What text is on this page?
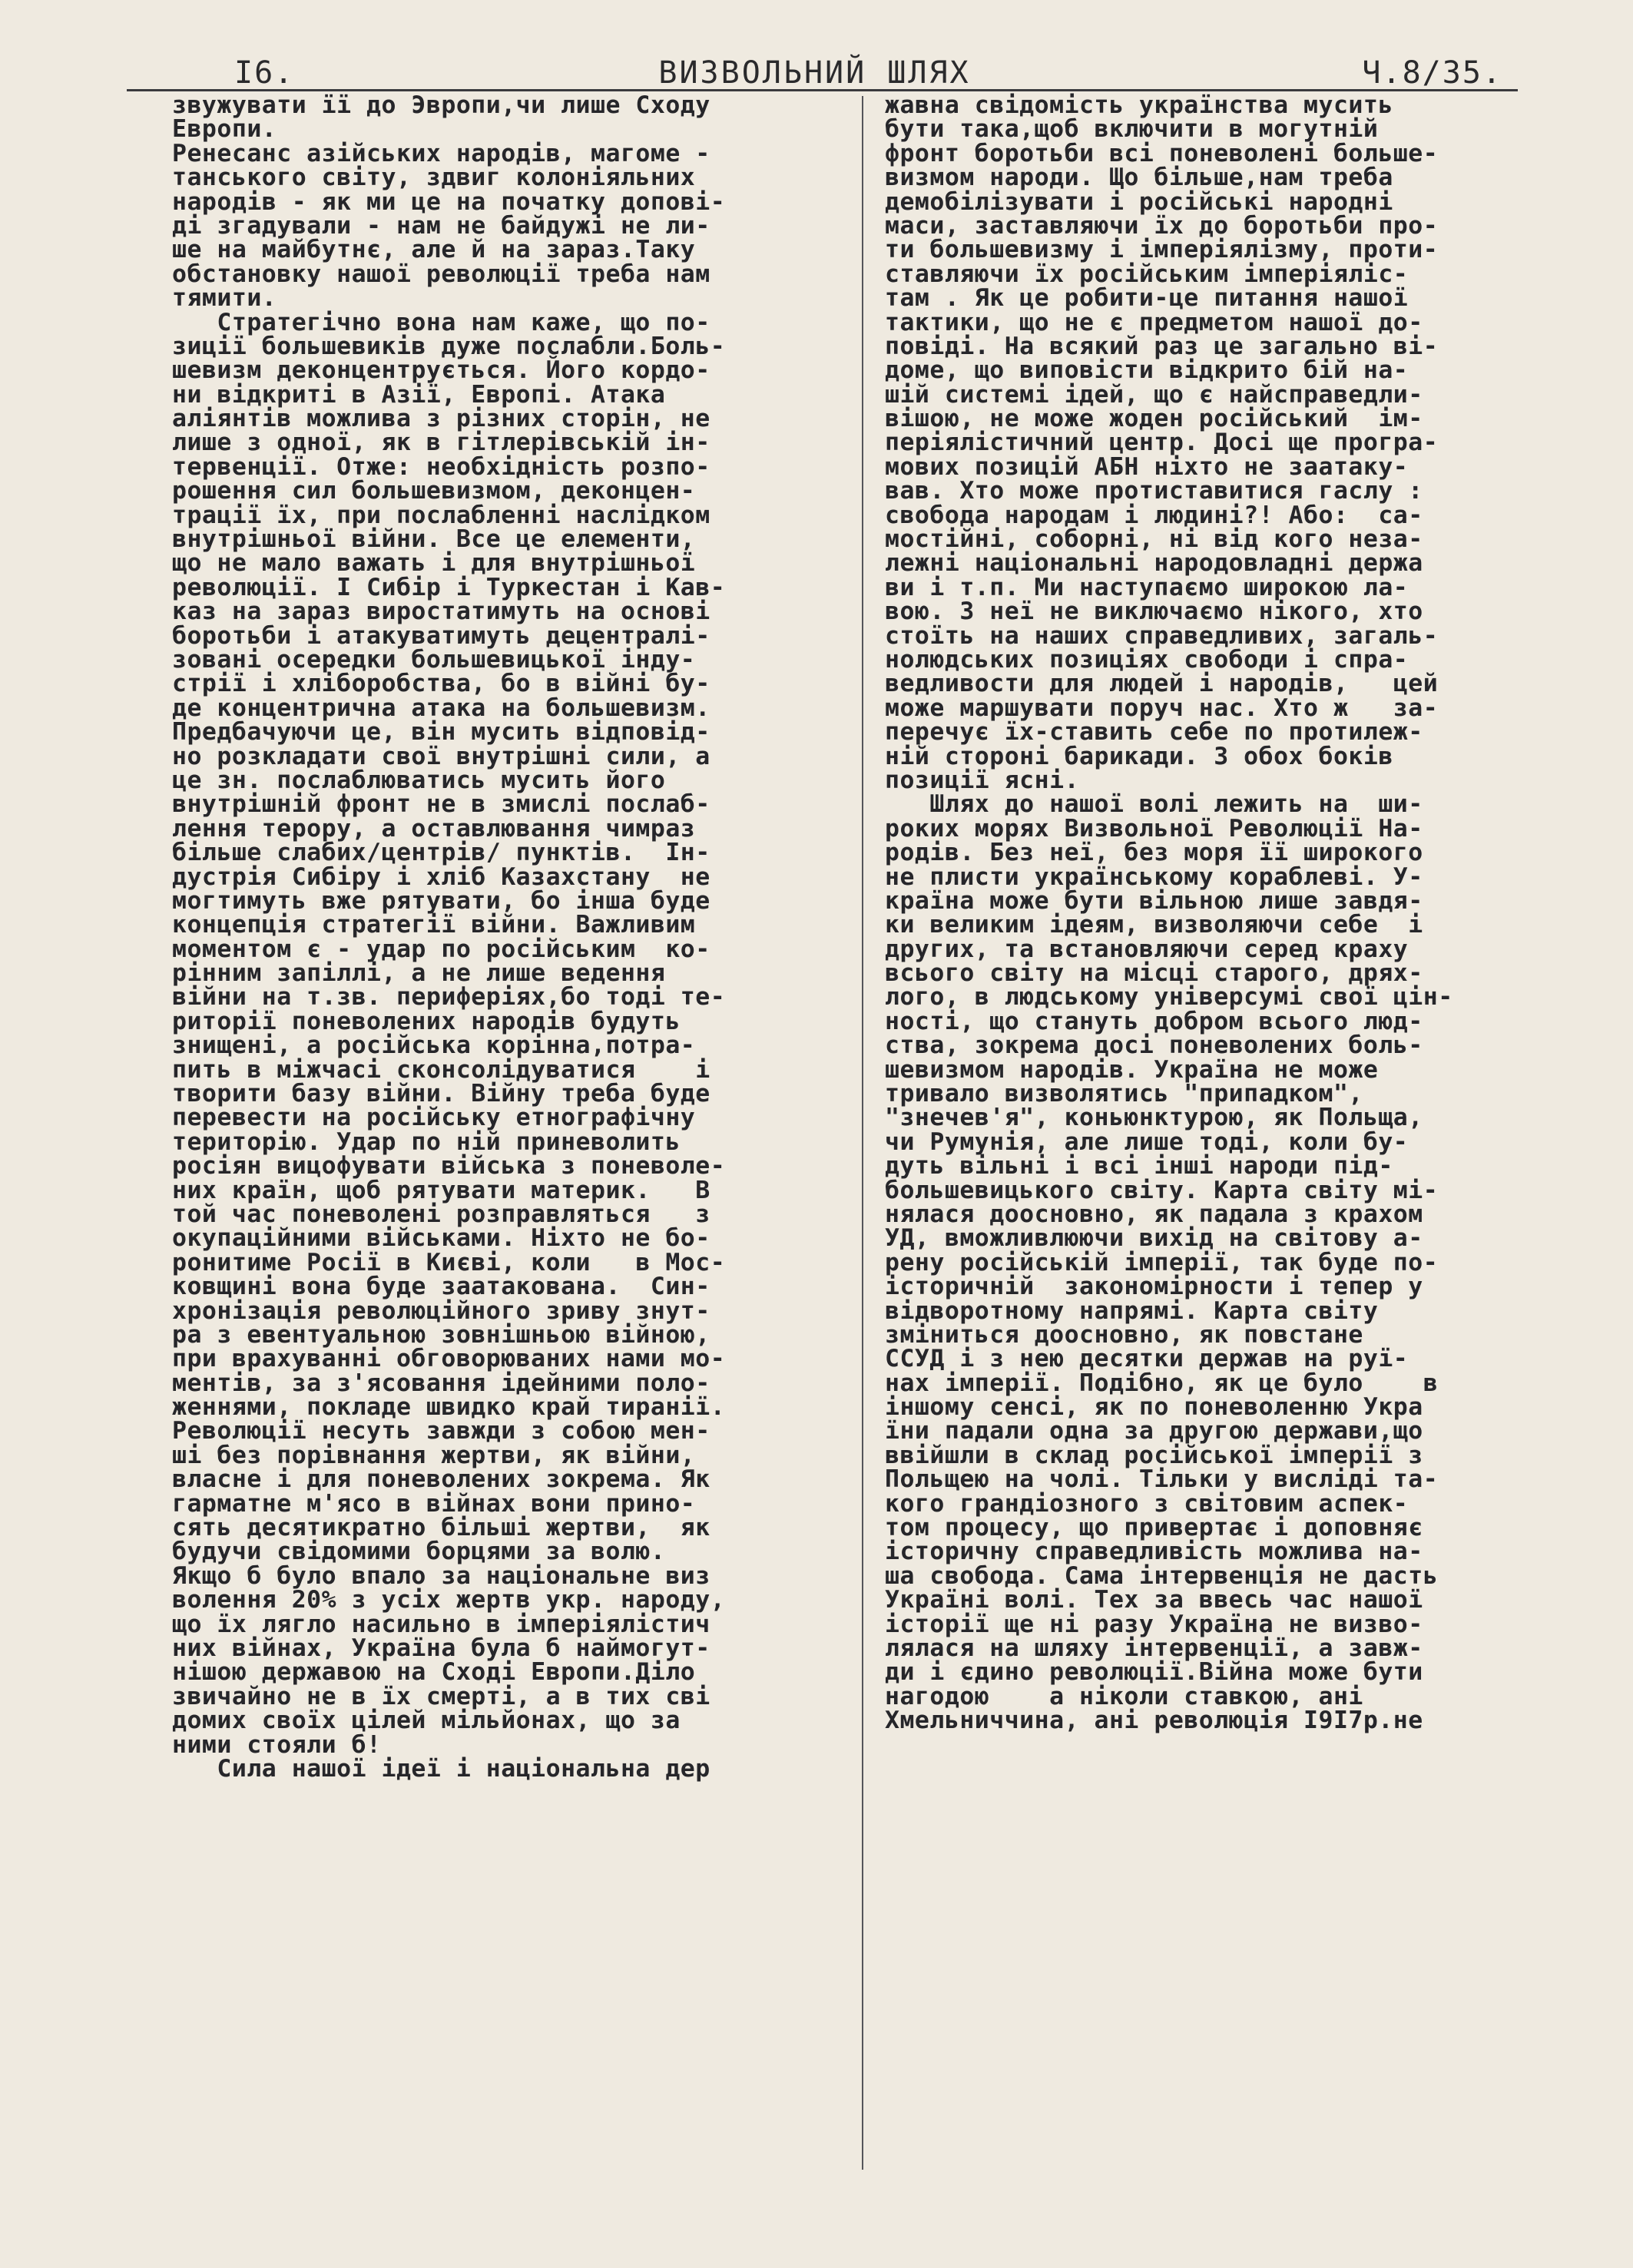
I6.	ВИЗВОЛЬНИЙ ШЛЯХ	Ч.8/35.
звужувати її до Эвропи,чи лише Сходу
Европи.
Ренесанс азійських народів, магоме -
танського світу, здвиг колоніяльних
народів - як ми це на початку доповi-
ді згадували - нам не байдужі не ли-
ше на майбутнє, але й на зараз.Таку
обстановку нашої революції треба нам
тямити.
Стратегічно вона нам каже, що по-
зиції большевиків дуже послабли.Боль-
шевизм деконцентрується. Його кордо-
ни відкриті в Азії, Европі. Атака
аліянтів можлива з різних сторін, не
лише з одної, як в гітлерівській ін-
тервенції. Отже: необхідність розпо-
рошення сил большевизмом, деконцен-
трації їх, при послабленні наслідком
внутрішньої війни. Все це елементи,
що не мало важать і для внутрішньої
революції. І Сибір і Туркестан і Кав-
каз на зараз виростатимуть на основі
боротьби і атакуватимуть децентралі-
зовані осередки большевицької інду-
стрії і хліборобства, бо в війні бу-
де концентрична атака на большевизм.
Предбачуючи це, він мусить відповід-
но розкладати свої внутрішні сили, а
це зн. послаблюватись мусить його
внутрішній фронт не в змислі послаб-
лення терору, а оставлювання чимраз
більше слабих/центрів/ пунктів.  Ін-
дустрія Сибіру і хліб Казахстану  не
могтимуть вже рятувати, бо інша буде
концепція стратегії війни. Важливим
моментом є - удар по російським  ко-
рінним запіллі, а не лише ведення
війни на т.зв. периферіях,бо тоді те-
риторії поневолених народів будуть
знищені, а російська корінна,потра-
пить в міжчасі сконсолідуватися    і
творити базу війни. Війну треба буде
перевести на російську етнографічну
територію. Удар по ній приневолить
росіян вицофувати війська з поневоле-
них країн, щоб рятувати материк.   В
той час поневолені розправляться   з
окупаційними військами. Ніхто не бо-
ронитиме Росії в Києві, коли   в Мос-
ковщині вона буде заатакована.  Син-
хронізація революційного зриву знут-
ра з евентуальною зовнішньою війною,
при врахуванні обговорюваних нами мо-
ментів, за з'ясовання ідейними поло-
женнями, покладе швидко край тиранії.
Революції несуть завжди з собою мен-
ші без порівнання жертви, як війни,
власне і для поневолених зокрема. Як
гарматне м'ясо в війнах вони прино-
сять десятикратно більші жертви,  як
будучи свідомими борцями за волю.
Якщо б було впало за національне виз
волення 20% з усіх жертв укр. народу,
що їх лягло насильно в імперіялістич
них війнах, Україна була б наймогут-
нішою державою на Сході Европи.Діло
звичайно не в їх смерті, а в тих сві
домих своїх цілей мільйонах, що за
ними стояли б!
Сила нашої ідеї і національна дер
жавна свідомість українства мусить
бути така,щоб включити в могутній
фронт боротьби всі поневолені больше-
визмом народи. Що більше,нам треба
демобілізувати і російські народні
маси, заставляючи їх до боротьби про-
ти большевизму і імперіялізму, проти-
ставляючи їх російським імперіяліс-
там . Як це робити-це питання нашої
тактики, що не є предметом нашої до-
повіді. На всякий раз це загально ві-
доме, що виповісти відкрито бій на-
шій системі ідей, що є найсправедли-
вішою, не може жоден російський  ім-
періялістичний центр. Досі ще програ-
мових позицій АБН ніхто не заатаку-
вав. Хто може протиставитися гаслу :
свобода народам і людині?! Або:  са-
мостійні, соборні, ні від кого неза-
лежні національні народовладні держа
ви і т.п. Ми наступаємо широкою ла-
вою. З неї не виключаємо нікого, хто
стоїть на наших справедливих, загаль-
нолюдських позиціях свободи і спра-
ведливости для людей і народів,   цей
може маршувати поруч нас. Хто ж   за-
перечує їх-ставить себе по протилеж-
ній стороні барикади. З обох боків
позиції ясні.
Шлях до нашої волі лежить на  ши-
роких морях Визвольної Революції На-
родів. Без неї, без моря її широкого
не плисти українському кораблеві. У-
країна може бути вільною лише завдя-
ки великим ідеям, визволяючи себе  і
других, та встановляючи серед краху
всього світу на місці старого, дрях-
лого, в людському універсумі свої цін-
ності, що стануть добром всього люд-
ства, зокрема досі поневолених боль-
шевизмом народів. Україна не може
тривало визволятись "припадком",
"знечев'я", коньюнктурою, як Польща,
чи Румунія, але лише тоді, коли бу-
дуть вільні і всі інші народи під-
большевицького світу. Карта світу мі-
нялася доосновно, як падала з крахом
УД, вможливлюючи вихід на світову а-
рену російській імперії, так буде по-
історичній  закономірности і тепер у
відворотному напрямі. Карта світу
зміниться доосновно, як повстане
ССУД і з нею десятки держав на руї-
нах імперії. Подібно, як це було    в
іншому сенсі, як по поневоленню Укра
їни падали одна за другою держави,що
ввійшли в склад російської імперії з
Польщею на чолі. Тільки у висліді та-
кого грандіозного з світовим аспек-
том процесу, що привертає і доповняє
історичну справедливість можлива на-
ша свобода. Сама інтервенція не дасть
Україні волі. Тех за ввесь час нашої
історії ще ні разу Україна не визво-
лялася на шляху інтервенції, а завж-
ди і єдино революції.Війна може бути
нагодою    а ніколи ставкою, ані
Хмельниччина, ані революція I9I7р.не
